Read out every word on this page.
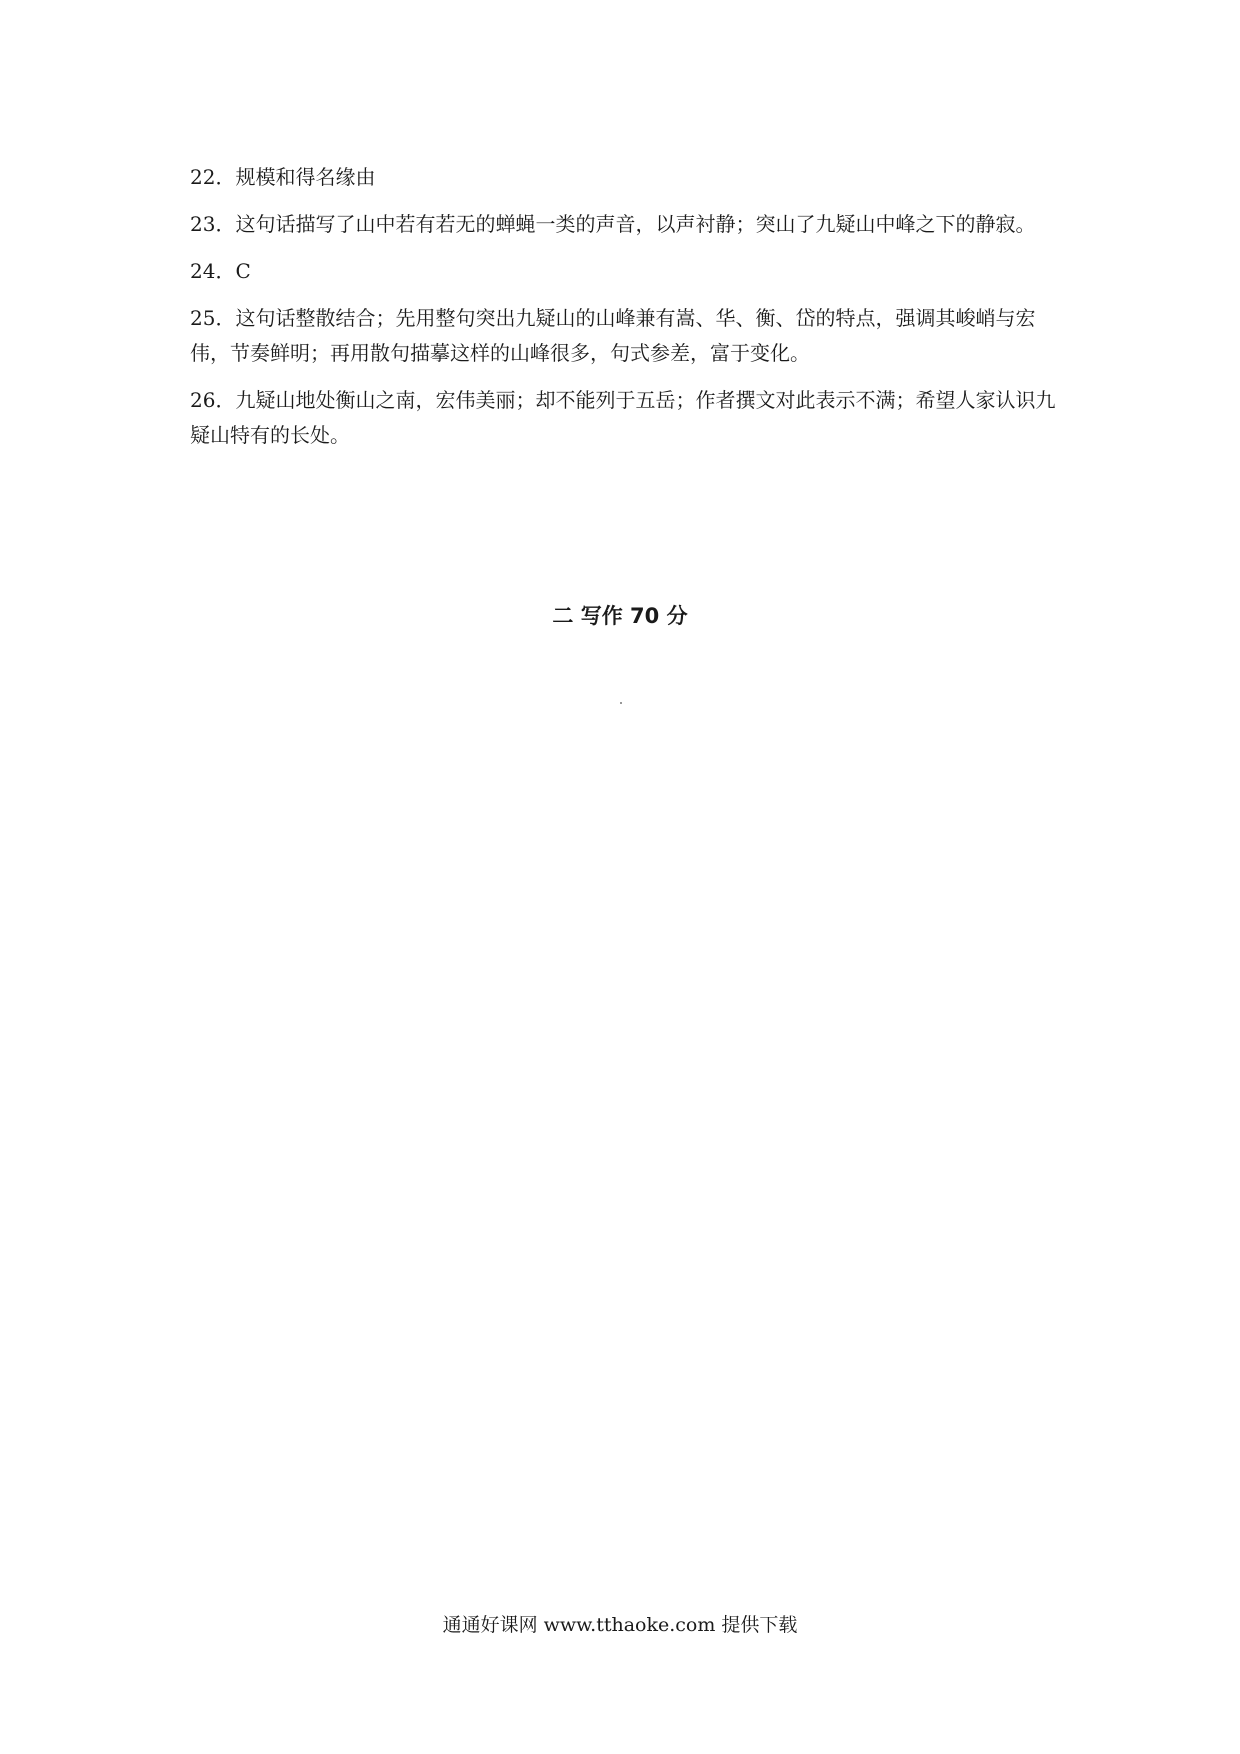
22．规模和得名缘由

23．这句话描写了山中若有若无的蝉蝇一类的声音，以声衬静；突山了九疑山中峰之下的静寂。

24．C

25．这句话整散结合；先用整句突出九疑山的山峰兼有嵩、华、衡、岱的特点，强调其峻峭与宏伟，节奏鲜明；再用散句描摹这样的山峰很多，句式参差，富于变化。

26．九疑山地处衡山之南，宏伟美丽；却不能列于五岳；作者撰文对此表示不满；希望人家认识九疑山特有的长处。

二 写作 70 分
通通好课网 www.tthaoke.com 提供下载
